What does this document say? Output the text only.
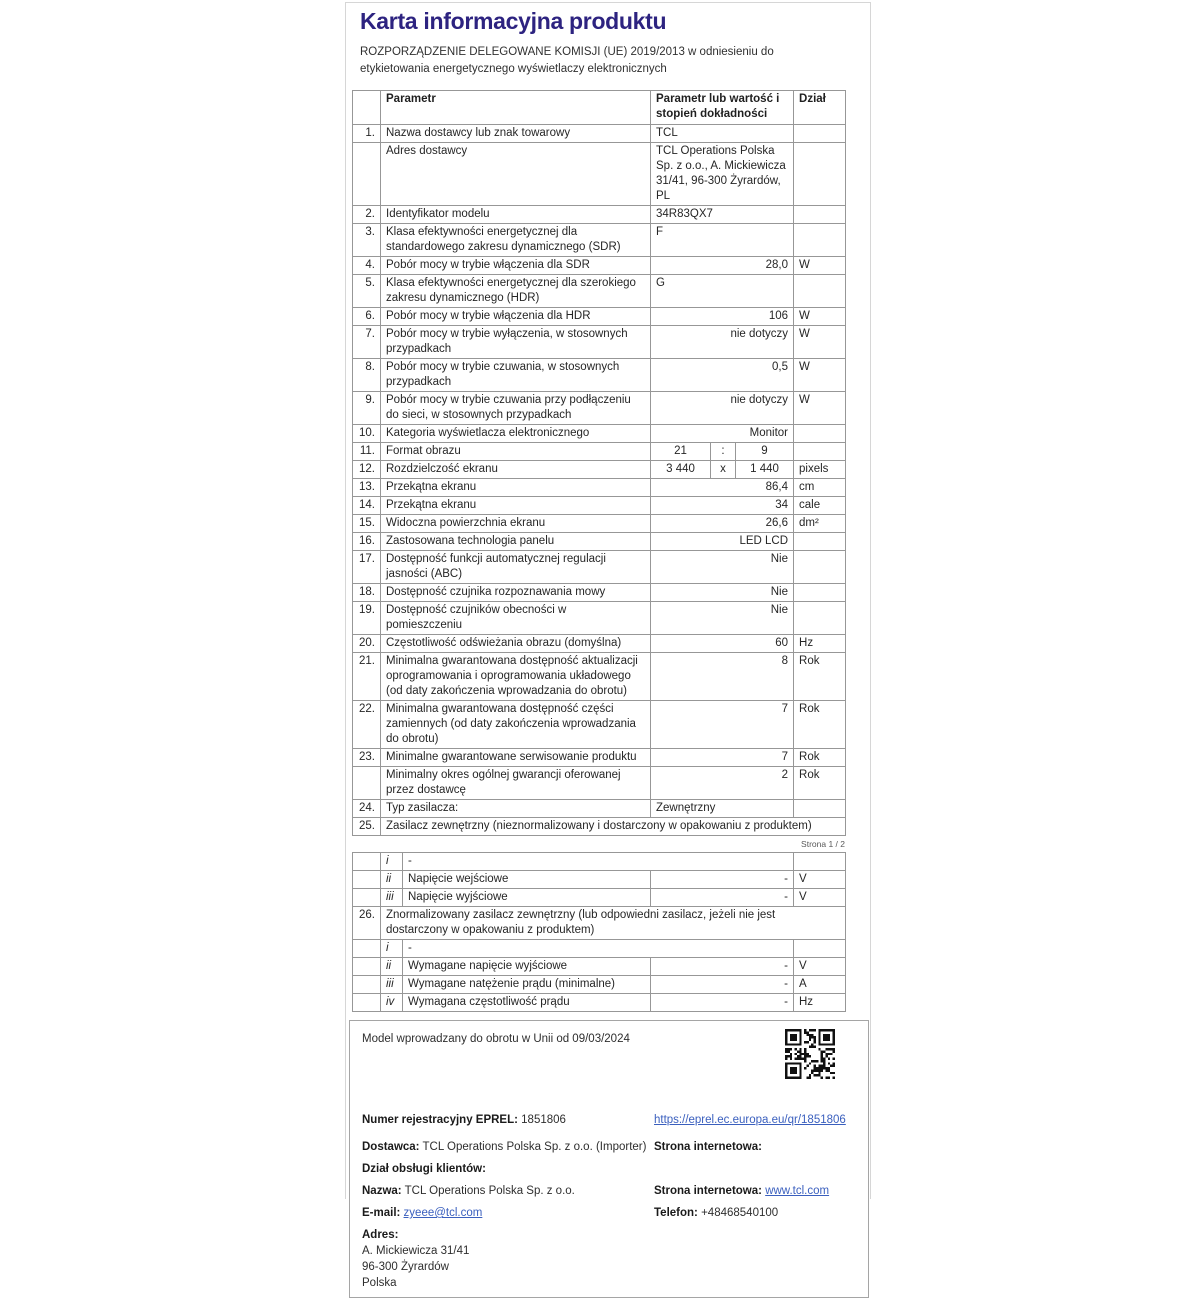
Karta informacyjna produktu

ROZPORZĄDZENIE DELEGOWANE KOMISJI (UE) 2019/2013 w odniesieniu do etykietowania energetycznego wyświetlaczy elektronicznych

	Parametr	Parametr lub wartość i stopień dokładności			Dział
1.	Nazwa dostawcy lub znak towarowy	TCL			
	Adres dostawcy	TCL Operations Polska Sp. z o.o., A. Mickiewicza 31/41, 96-300 Żyrardów, PL			
2.	Identyfikator modelu	34R83QX7			
3.	Klasa efektywności energetycznej dla standardowego zakresu dynamicznego (SDR)	F			
4.	Pobór mocy w trybie włączenia dla SDR	28,0			W
5.	Klasa efektywności energetycznej dla szerokiego zakresu dynamicznego (HDR)	G			
6.	Pobór mocy w trybie włączenia dla HDR	106			W
7.	Pobór mocy w trybie wyłączenia, w stosownych przypadkach	nie dotyczy			W
8.	Pobór mocy w trybie czuwania, w stosownych przypadkach	0,5			W
9.	Pobór mocy w trybie czuwania przy podłączeniu do sieci, w stosownych przypadkach	nie dotyczy			W
10.	Kategoria wyświetlacza elektronicznego	Monitor			
11.	Format obrazu	21	:	9	
12.	Rozdzielczość ekranu	3 440	x	1 440	pixels
13.	Przekątna ekranu	86,4			cm
14.	Przekątna ekranu	34			cale
15.	Widoczna powierzchnia ekranu	26,6			dm²
16.	Zastosowana technologia panelu	LED LCD			
17.	Dostępność funkcji automatycznej regulacji jasności (ABC)	Nie			
18.	Dostępność czujnika rozpoznawania mowy	Nie			
19.	Dostępność czujników obecności w pomieszczeniu	Nie			
20.	Częstotliwość odświeżania obrazu (domyślna)	60			Hz
21.	Minimalna gwarantowana dostępność aktualizacji oprogramowania i oprogramowania układowego (od daty zakończenia wprowadzania do obrotu)	8			Rok
22.	Minimalna gwarantowana dostępność części zamiennych (od daty zakończenia wprowadzania do obrotu)	7			Rok
23.	Minimalne gwarantowane serwisowanie produktu	7			Rok
	Minimalny okres ogólnej gwarancji oferowanej przez dostawcę	2			Rok
24.	Typ zasilacza:	Zewnętrzny			
25.	Zasilacz zewnętrzny (nieznormalizowany i dostarczony w opakowaniu z produktem)				
Strona 1 / 2
	i	-		
	ii	Napięcie wejściowe	-	V
	iii	Napięcie wyjściowe	-	V
26.	Znormalizowany zasilacz zewnętrzny (lub odpowiedni zasilacz, jeżeli nie jest dostarczony w opakowaniu z produktem)			
	i	-		
	ii	Wymagane napięcie wyjściowe	-	V
	iii	Wymagane natężenie prądu (minimalne)	-	A
	iv	Wymagana częstotliwość prądu	-	Hz
Model wprowadzany do obrotu w Unii od 09/03/2024
Numer rejestracyjny EPREL: 1851806	https://eprel.ec.europa.eu/qr/1851806
Dostawca: TCL Operations Polska Sp. z o.o. (Importer) Strona internetowa:
Dział obsługi klientów:
Nazwa: TCL Operations Polska Sp. z o.o.	Strona internetowa: www.tcl.com
E-mail: zyeee@tcl.com	Telefon: +48468540100
Adres:
A. Mickiewicza 31/41
96-300 Żyrardów
Polska
